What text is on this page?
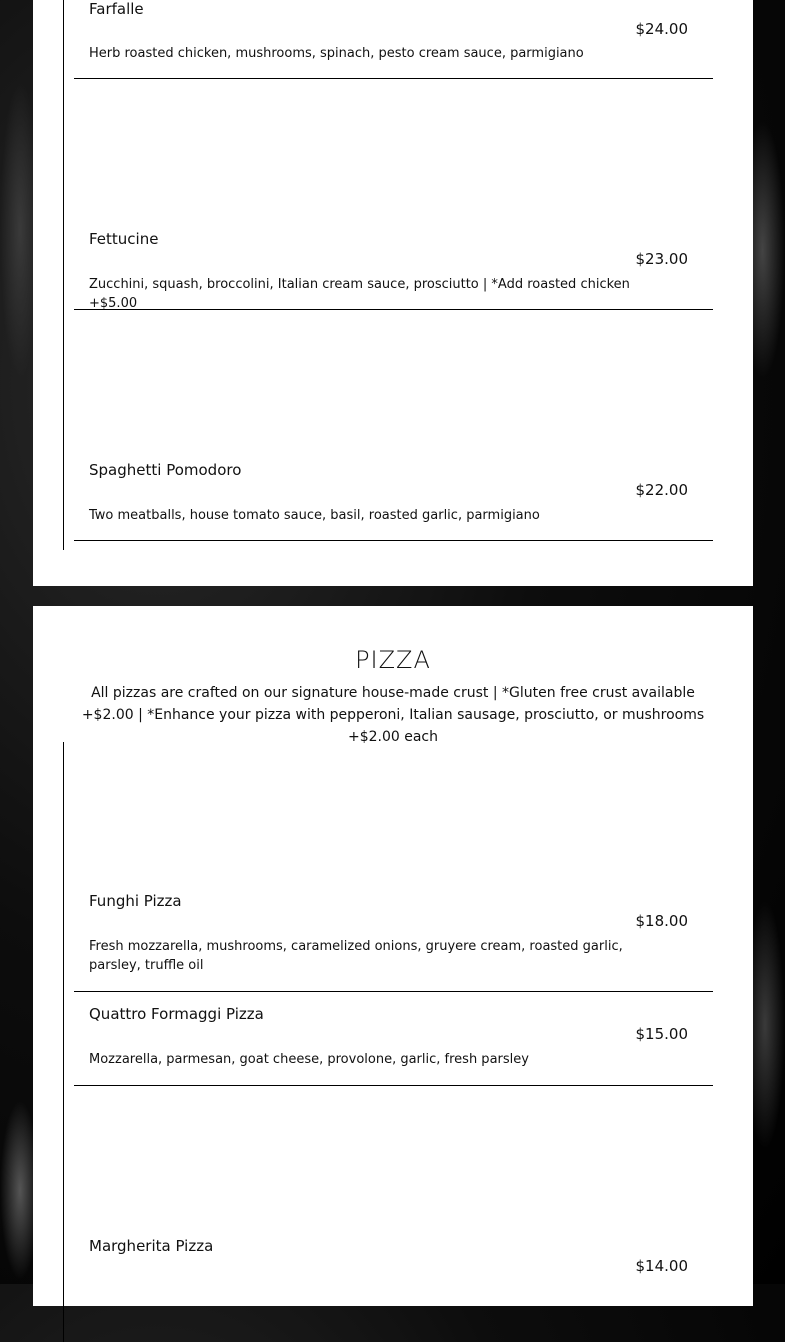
Farfalle
$24.00
Herb roasted chicken, mushrooms, spinach, pesto cream sauce, parmigiano
Fettucine
$23.00
Zucchini, squash, broccolini, Italian cream sauce, prosciutto | *Add roasted chicken +$5.00
Spaghetti Pomodoro
$22.00
Two meatballs, house tomato sauce, basil, roasted garlic, parmigiano
PIZZA
All pizzas are crafted on our signature house-made crust | *Gluten free crust available +$2.00 | *Enhance your pizza with pepperoni, Italian sausage, prosciutto, or mushrooms +$2.00 each
Funghi Pizza
$18.00
Fresh mozzarella, mushrooms, caramelized onions, gruyere cream, roasted garlic, parsley, truffle oil
Quattro Formaggi Pizza
$15.00
Mozzarella, parmesan, goat cheese, provolone, garlic, fresh parsley
Margherita Pizza
$14.00
